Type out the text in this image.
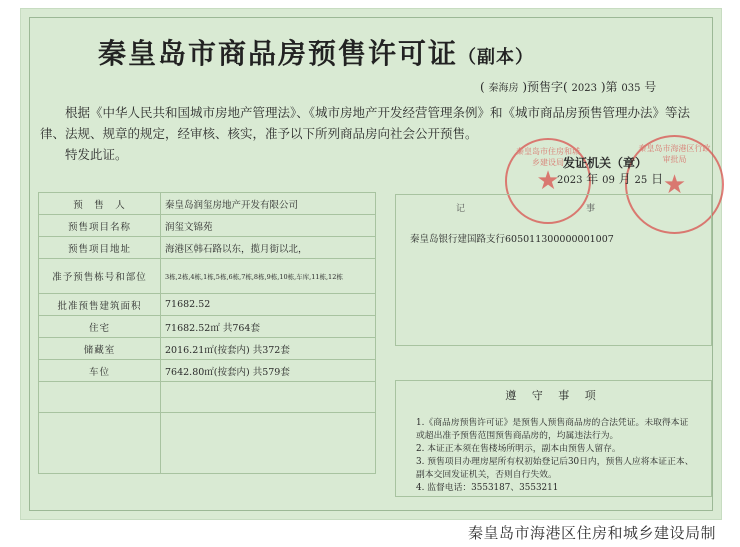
秦皇岛市商品房预售许可证（副本）
( 秦海房 )预售字( 2023 )第 035 号

根据《中华人民共和国城市房地产管理法》、《城市房地产开发经营管理条例》和《城市商品房预售管理办法》等法

律、法规、规章的规定，经审核、核实，准予以下所列商品房向社会公开预售。

特发此证。	秦皇岛市住房和城乡建设局
★
秦皇岛市海港区行政审批局
★
发证机关（章）
2023 年 09 月 25 日
预　售　人	秦皇岛润玺房地产开发有限公司
预售项目名称	润玺文锦苑
预售项目地址	海港区韩石路以东，揽月街以北，
准予预售栋号和部位	3栋,2栋,4栋,1栋,5栋,6栋,7栋,8栋,9栋,10栋,车库,11栋,12栋
批准预售建筑面积	71682.52
住宅	71682.52㎡ 共764套
储藏室	2016.21㎡(按套内) 共372套
车位	7642.80㎡(按套内) 共579套

记　事
秦皇岛银行建国路支行605011300000001007
遵 守 事 项

1.《商品房预售许可证》是预售人预售商品房的合法凭证。未取得本证或超出准予预售范围预售商品房的，均属违法行为。

2. 本证正本须在售楼场所明示，副本由预售人留存。

3. 预售项目办理房屋所有权初始登记后30日内，预售人应将本证正本、副本交回发证机关，否则自行失效。

4. 监督电话：3553187、3553211

秦皇岛市海港区住房和城乡建设局制
